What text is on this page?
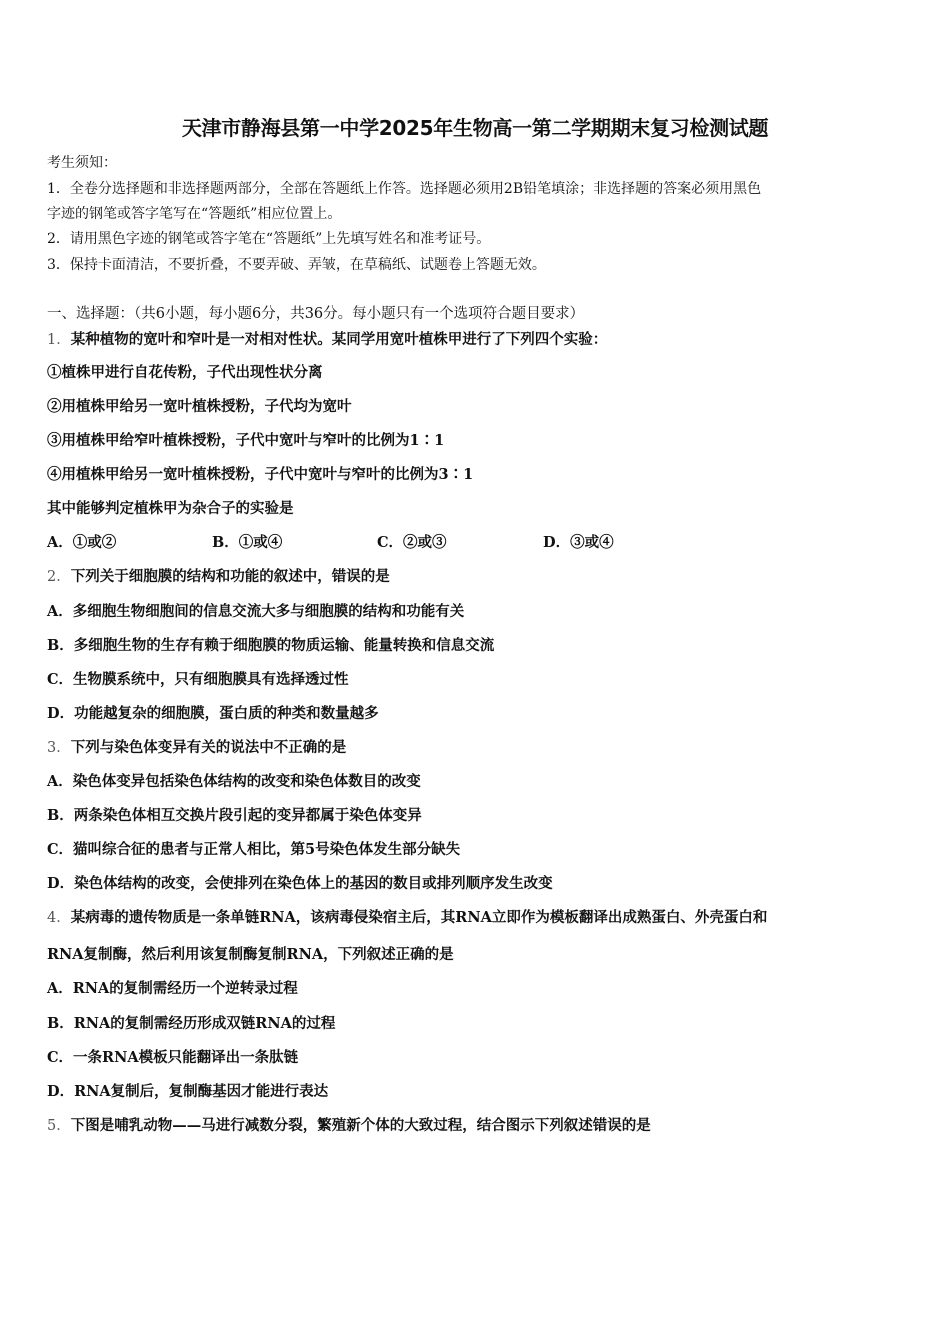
天津市静海县第一中学2025年生物高一第二学期期末复习检测试题
考生须知：
1．全卷分选择题和非选择题两部分，全部在答题纸上作答。选择题必须用2B铅笔填涂；非选择题的答案必须用黑色
字迹的钢笔或答字笔写在“答题纸”相应位置上。
2．请用黑色字迹的钢笔或答字笔在“答题纸”上先填写姓名和准考证号。
3．保持卡面清洁，不要折叠，不要弄破、弄皱，在草稿纸、试题卷上答题无效。
一、选择题：（共6小题，每小题6分，共36分。每小题只有一个选项符合题目要求）
1．某种植物的宽叶和窄叶是一对相对性状。某同学用宽叶植株甲进行了下列四个实验：
①植株甲进行自花传粉，子代出现性状分离
②用植株甲给另一宽叶植株授粉，子代均为宽叶
③用植株甲给窄叶植株授粉，子代中宽叶与窄叶的比例为1∶1
④用植株甲给另一宽叶植株授粉，子代中宽叶与窄叶的比例为3∶1
其中能够判定植株甲为杂合子的实验是
A．①或②	B．①或④	C．②或③	D．③或④
2．下列关于细胞膜的结构和功能的叙述中，错误的是
A．多细胞生物细胞间的信息交流大多与细胞膜的结构和功能有关
B．多细胞生物的生存有赖于细胞膜的物质运输、能量转换和信息交流
C．生物膜系统中，只有细胞膜具有选择透过性
D．功能越复杂的细胞膜，蛋白质的种类和数量越多
3．下列与染色体变异有关的说法中不正确的是
A．染色体变异包括染色体结构的改变和染色体数目的改变
B．两条染色体相互交换片段引起的变异都属于染色体变异
C．猫叫综合征的患者与正常人相比，第5号染色体发生部分缺失
D．染色体结构的改变，会使排列在染色体上的基因的数目或排列顺序发生改变
4．某病毒的遗传物质是一条单链RNA，该病毒侵染宿主后，其RNA立即作为模板翻译出成熟蛋白、外壳蛋白和
RNA复制酶，然后利用该复制酶复制RNA，下列叙述正确的是
A．RNA的复制需经历一个逆转录过程
B．RNA的复制需经历形成双链RNA的过程
C．一条RNA模板只能翻译出一条肽链
D．RNA复制后，复制酶基因才能进行表达
5．下图是哺乳动物——马进行减数分裂，繁殖新个体的大致过程，结合图示下列叙述错误的是
